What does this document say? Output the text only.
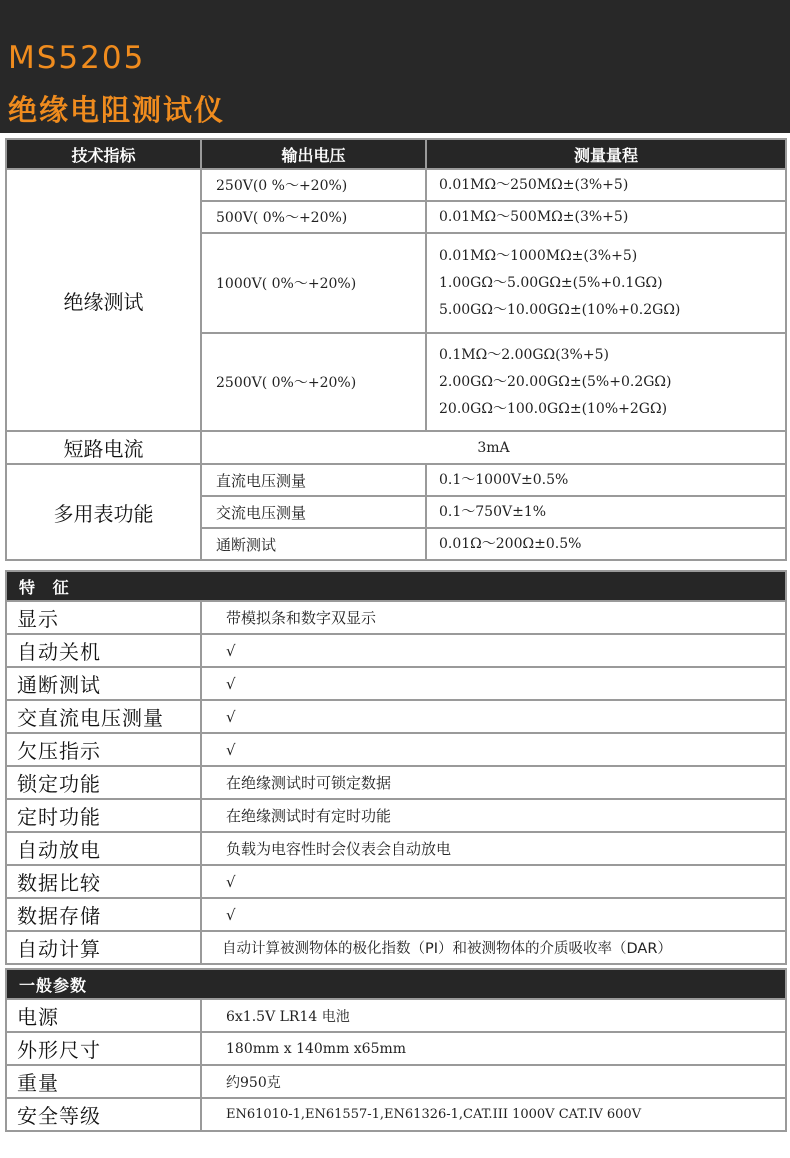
MS5205
绝缘电阻测试仪
技术指标	输出电压	测量量程
绝缘测试	250V(0 %～+20%)	0.01MΩ～250MΩ±(3%+5)
	500V( 0%～+20%)	0.01MΩ～500MΩ±(3%+5)
	1000V( 0%～+20%)	0.01MΩ～1000MΩ±(3%+5)
1.00GΩ～5.00GΩ±(5%+0.1GΩ)
5.00GΩ～10.00GΩ±(10%+0.2GΩ)

	2500V( 0%～+20%)	0.1MΩ～2.00GΩ(3%+5)
2.00GΩ～20.00GΩ±(5%+0.2GΩ)
20.0GΩ～100.0GΩ±(10%+2GΩ)

短路电流	3mA	
多用表功能	直流电压测量	0.1～1000V±0.5%
	交流电压测量	0.1～750V±1%
	通断测试	0.01Ω～200Ω±0.5%
特 征	
显示	带模拟条和数字双显示
自动关机	√
通断测试	√
交直流电压测量	√
欠压指示	√
锁定功能	在绝缘测试时可锁定数据
定时功能	在绝缘测试时有定时功能
自动放电	负载为电容性时会仪表会自动放电
数据比较	√
数据存储	√
自动计算	自动计算被测物体的极化指数（PI）和被测物体的介质吸收率（DAR）
一般参数	
电源	6x1.5V LR14 电池
外形尺寸	180mm x 140mm x65mm
重量	约950克
安全等级	EN61010-1,EN61557-1,EN61326-1,CAT.III 1000V CAT.IV 600V
